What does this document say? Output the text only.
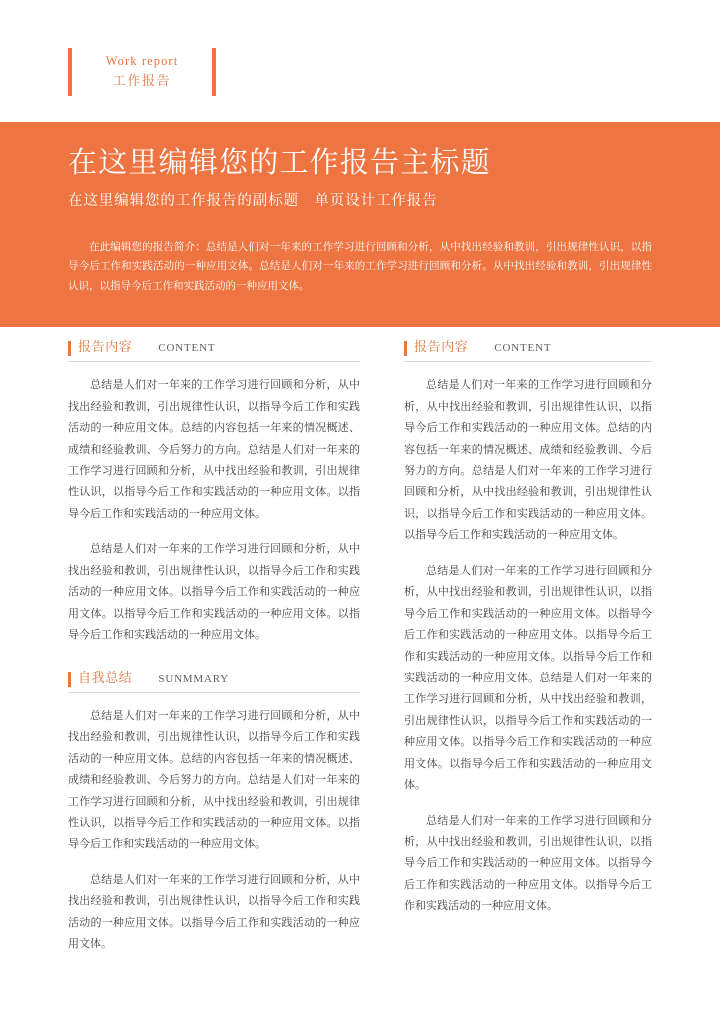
Work report
工作报告
在这里编辑您的工作报告主标题
在这里编辑您的工作报告的副标题　单页设计工作报告

在此编辑您的报告简介：总结是人们对一年来的工作学习进行回顾和分析，从中找出经验和教训，引出规律性认识，以指导今后工作和实践活动的一种应用文体。总结是人们对一年来的工作学习进行回顾和分析。从中找出经验和教训，引出规律性认识，以指导今后工作和实践活动的一种应用文体。

报告内容 CONTENT

总结是人们对一年来的工作学习进行回顾和分析，从中找出经验和教训，引出规律性认识，以指导今后工作和实践活动的一种应用文体。总结的内容包括一年来的情况概述、成绩和经验教训、今后努力的方向。总结是人们对一年来的工作学习进行回顾和分析，从中找出经验和教训，引出规律性认识，以指导今后工作和实践活动的一种应用文体。以指导今后工作和实践活动的一种应用文体。

总结是人们对一年来的工作学习进行回顾和分析，从中找出经验和教训，引出规律性认识，以指导今后工作和实践活动的一种应用文体。以指导今后工作和实践活动的一种应用文体。以指导今后工作和实践活动的一种应用文体。以指导今后工作和实践活动的一种应用文体。

自我总结 SUNMMARY

总结是人们对一年来的工作学习进行回顾和分析，从中找出经验和教训，引出规律性认识，以指导今后工作和实践活动的一种应用文体。总结的内容包括一年来的情况概述、成绩和经验教训、今后努力的方向。总结是人们对一年来的工作学习进行回顾和分析，从中找出经验和教训，引出规律性认识，以指导今后工作和实践活动的一种应用文体。以指导今后工作和实践活动的一种应用文体。

总结是人们对一年来的工作学习进行回顾和分析，从中找出经验和教训，引出规律性认识，以指导今后工作和实践活动的一种应用文体。以指导今后工作和实践活动的一种应用文体。

报告内容 CONTENT

总结是人们对一年来的工作学习进行回顾和分析，从中找出经验和教训，引出规律性认识，以指导今后工作和实践活动的一种应用文体。总结的内容包括一年来的情况概述、成绩和经验教训、今后努力的方向。总结是人们对一年来的工作学习进行回顾和分析，从中找出经验和教训，引出规律性认识，以指导今后工作和实践活动的一种应用文体。以指导今后工作和实践活动的一种应用文体。

总结是人们对一年来的工作学习进行回顾和分析，从中找出经验和教训，引出规律性认识，以指导今后工作和实践活动的一种应用文体。以指导今后工作和实践活动的一种应用文体。以指导今后工作和实践活动的一种应用文体。以指导今后工作和实践活动的一种应用文体。总结是人们对一年来的工作学习进行回顾和分析，从中找出经验和教训，引出规律性认识，以指导今后工作和实践活动的一种应用文体。以指导今后工作和实践活动的一种应用文体。以指导今后工作和实践活动的一种应用文体。

总结是人们对一年来的工作学习进行回顾和分析，从中找出经验和教训，引出规律性认识，以指导今后工作和实践活动的一种应用文体。以指导今后工作和实践活动的一种应用文体。以指导今后工作和实践活动的一种应用文体。
